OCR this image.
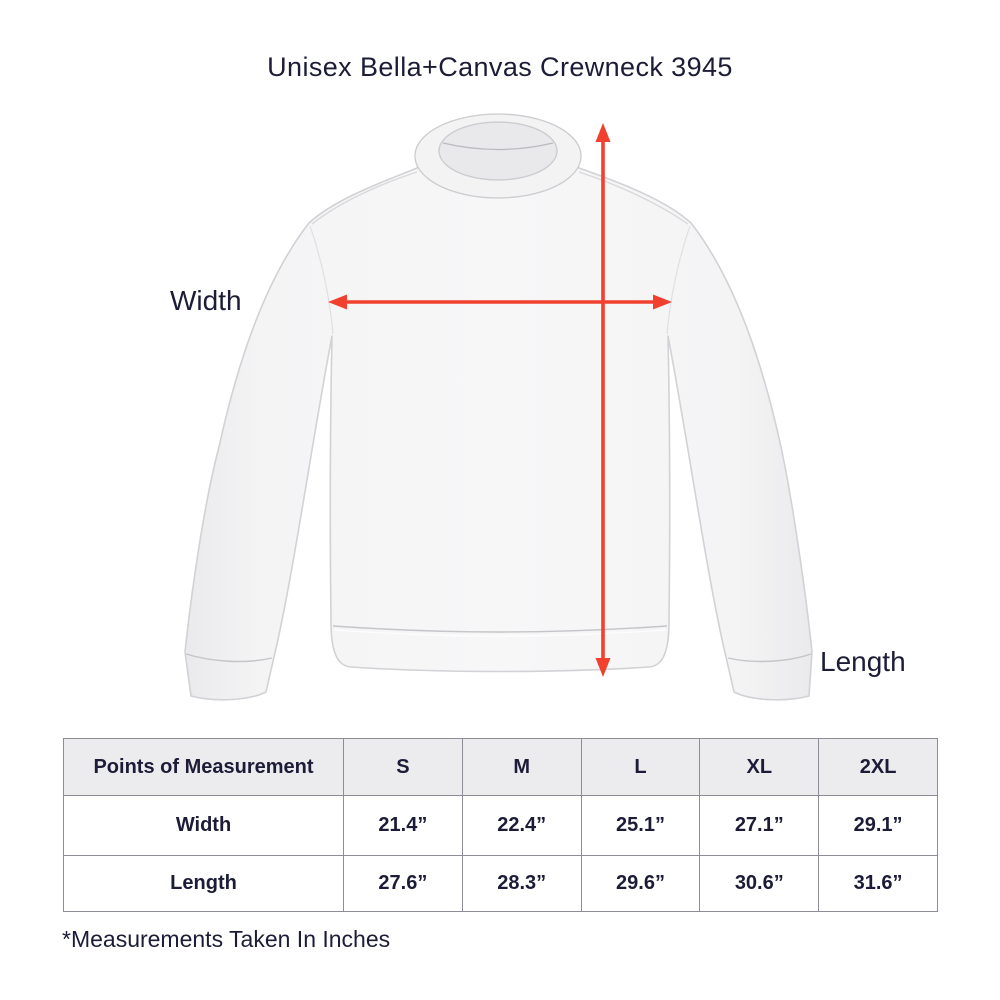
Unisex Bella+Canvas Crewneck 3945
Width
Length
Points of Measurement	S	M	L	XL	2XL
Width	21.4”	22.4”	25.1”	27.1”	29.1”
Length	27.6”	28.3”	29.6”	30.6”	31.6”
*Measurements Taken In Inches
